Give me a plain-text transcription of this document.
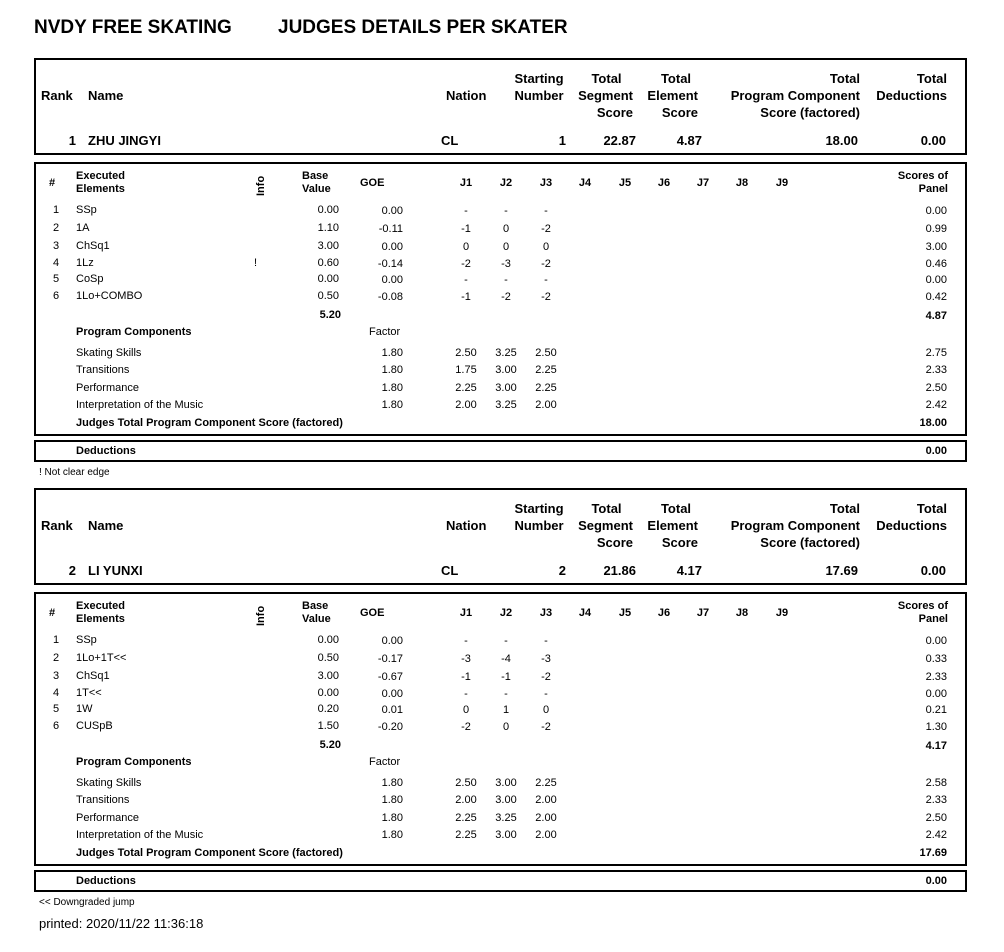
NVDY FREE SKATING JUDGES DETAILS PER SKATER
Rank Name	Nation
Starting
Number
Total
Segment
Score
Total
Element
Score
Total
Program Component
Score (factored)
Total
Deductions
1 ZHU JINGYI	CL	1	22.87	4.87	18.00	0.00
#
Executed
Elements	Info	Base
Value	GOE	J1	J2	J3	J4	J5	J6	J7	J8	J9
Scores of
Panel
1 SSp	0.00	0.00	-	-	-	0.00
2 1A	1.10	-0.11	-1	0	-2	0.99
3 ChSq1	3.00	0.00	0	0	0	3.00
4 1Lz	!	0.60	-0.14	-2	-3	-2	0.46
5 CoSp	0.00	0.00	-	-	-	0.00
6 1Lo+COMBO	0.50	-0.08	-1	-2	-2	0.42
5.20	4.87
Program Components	Factor
Skating Skills	1.80	2.50	3.25	2.50	2.75
Transitions	1.80	1.75	3.00	2.25	2.33
Performance	1.80	2.25	3.00	2.25	2.50
Interpretation of the Music	1.80	2.00	3.25	2.00	2.42
Judges Total Program Component Score (factored)	18.00
Deductions	0.00
! Not clear edge
Rank Name	Nation
Starting
Number
Total
Segment
Score
Total
Element
Score
Total
Program Component
Score (factored)
Total
Deductions
2 LI YUNXI	CL	2	21.86	4.17	17.69	0.00
#
Executed
Elements	Info	Base
Value	GOE	J1	J2	J3	J4	J5	J6	J7	J8	J9
Scores of
Panel
1 SSp	0.00	0.00	-	-	-	0.00
2 1Lo+1T<<	0.50	-0.17	-3	-4	-3	0.33
3 ChSq1	3.00	-0.67	-1	-1	-2	2.33
4 1T<<	0.00	0.00	-	-	-	0.00
5 1W	0.20	0.01	0	1	0	0.21
6 CUSpB	1.50	-0.20	-2	0	-2	1.30
5.20	4.17
Program Components	Factor
Skating Skills	1.80	2.50	3.00	2.25	2.58
Transitions	1.80	2.00	3.00	2.00	2.33
Performance	1.80	2.25	3.25	2.00	2.50
Interpretation of the Music	1.80	2.25	3.00	2.00	2.42
Judges Total Program Component Score (factored)	17.69
Deductions	0.00
<< Downgraded jump
printed: 2020/11/22 11:36:18
